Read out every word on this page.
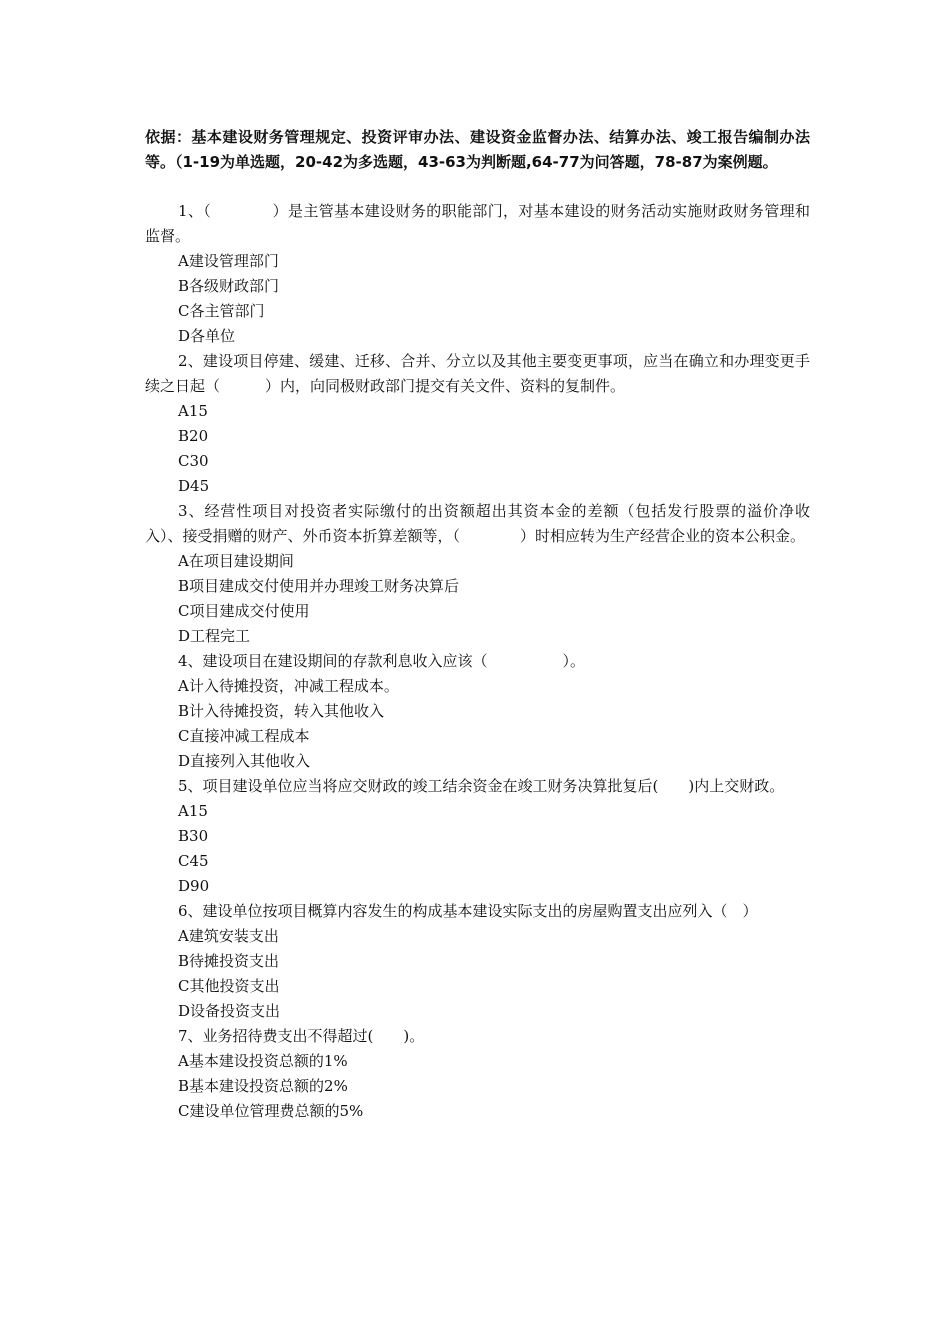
依据：基本建设财务管理规定、投资评审办法、建设资金监督办法、结算办法、竣工报告编制办法等。（1-19为单选题，20-42为多选题，43-63为判断题,64-77为问答题，78-87为案例题。

1、（　　　　）是主管基本建设财务的职能部门，对基本建设的财务活动实施财政财务管理和监督。

A建设管理部门

B各级财政部门

C各主管部门

D各单位

2、建设项目停建、缓建、迁移、合并、分立以及其他主要变更事项，应当在确立和办理变更手续之日起（　　　）内，向同极财政部门提交有关文件、资料的复制件。

A15

B20

C30

D45

3、经营性项目对投资者实际缴付的出资额超出其资本金的差额（包括发行股票的溢价净收入）、接受捐赠的财产、外币资本折算差额等，（　　　　）时相应转为生产经营企业的资本公积金。

A在项目建设期间

B项目建成交付使用并办理竣工财务决算后

C项目建成交付使用

D工程完工

4、建设项目在建设期间的存款利息收入应该（　　　　　）。

A计入待摊投资，冲减工程成本。

B计入待摊投资，转入其他收入

C直接冲减工程成本

D直接列入其他收入

5、项目建设单位应当将应交财政的竣工结余资金在竣工财务决算批复后(　　)内上交财政。

A15

B30

C45

D90

6、建设单位按项目概算内容发生的构成基本建设实际支出的房屋购置支出应列入（　）

A建筑安装支出

B待摊投资支出

C其他投资支出

D设备投资支出

7、业务招待费支出不得超过(　　)。

A基本建设投资总额的1%

B基本建设投资总额的2%

C建设单位管理费总额的5%
